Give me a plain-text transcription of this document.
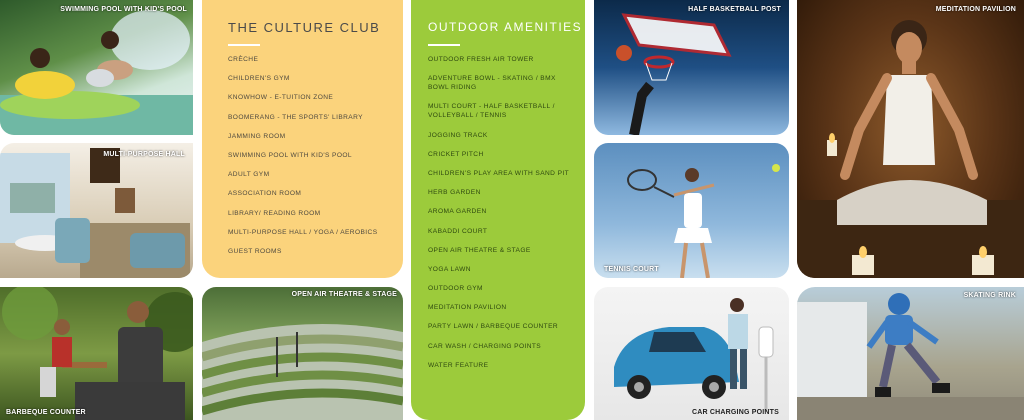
SWIMMING POOL WITH KID'S POOL
MULTI-PURPOSE HALL
BARBEQUE COUNTER
THE CULTURE CLUB
CRÈCHE
CHILDREN'S GYM
KNOWHOW - E-TUITION ZONE
BOOMERANG - THE SPORTS' LIBRARY
JAMMING ROOM
SWIMMING POOL WITH KID'S POOL
ADULT GYM
ASSOCIATION ROOM
LIBRARY/ READING ROOM
MULTI-PURPOSE HALL / YOGA / AEROBICS
GUEST ROOMS
OPEN AIR THEATRE & STAGE
OUTDOOR AMENITIES
OUTDOOR FRESH AIR TOWER
ADVENTURE BOWL - SKATING / BMX BOWL RIDING
MULTI COURT - HALF BASKETBALL / VOLLEYBALL / TENNIS
JOGGING TRACK
CRICKET PITCH
CHILDREN'S PLAY AREA WITH SAND PIT
HERB GARDEN
AROMA GARDEN
KABADDI COURT
OPEN AIR THEATRE & STAGE
YOGA LAWN
OUTDOOR GYM
MEDITATION PAVILION
PARTY LAWN / BARBEQUE COUNTER
CAR WASH / CHARGING POINTS
WATER FEATURE
HALF BASKETBALL POST
TENNIS COURT
CAR CHARGING POINTS
MEDITATION PAVILION
SKATING RINK
